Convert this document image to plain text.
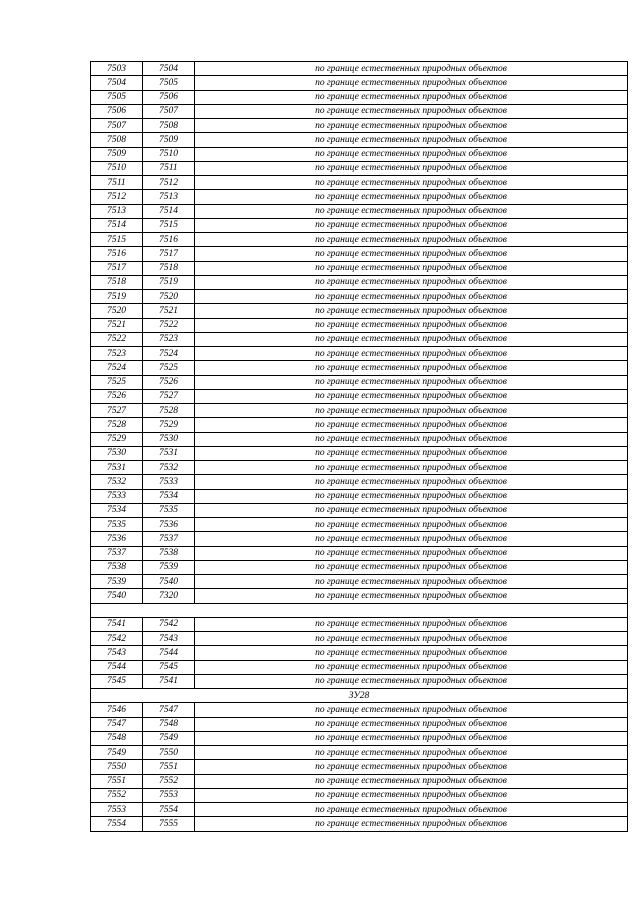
7503	7504	по границе естественных природных объектов
7504	7505	по границе естественных природных объектов
7505	7506	по границе естественных природных объектов
7506	7507	по границе естественных природных объектов
7507	7508	по границе естественных природных объектов
7508	7509	по границе естественных природных объектов
7509	7510	по границе естественных природных объектов
7510	7511	по границе естественных природных объектов
7511	7512	по границе естественных природных объектов
7512	7513	по границе естественных природных объектов
7513	7514	по границе естественных природных объектов
7514	7515	по границе естественных природных объектов
7515	7516	по границе естественных природных объектов
7516	7517	по границе естественных природных объектов
7517	7518	по границе естественных природных объектов
7518	7519	по границе естественных природных объектов
7519	7520	по границе естественных природных объектов
7520	7521	по границе естественных природных объектов
7521	7522	по границе естественных природных объектов
7522	7523	по границе естественных природных объектов
7523	7524	по границе естественных природных объектов
7524	7525	по границе естественных природных объектов
7525	7526	по границе естественных природных объектов
7526	7527	по границе естественных природных объектов
7527	7528	по границе естественных природных объектов
7528	7529	по границе естественных природных объектов
7529	7530	по границе естественных природных объектов
7530	7531	по границе естественных природных объектов
7531	7532	по границе естественных природных объектов
7532	7533	по границе естественных природных объектов
7533	7534	по границе естественных природных объектов
7534	7535	по границе естественных природных объектов
7535	7536	по границе естественных природных объектов
7536	7537	по границе естественных природных объектов
7537	7538	по границе естественных природных объектов
7538	7539	по границе естественных природных объектов
7539	7540	по границе естественных природных объектов
7540	7320	по границе естественных природных объектов

7541	7542	по границе естественных природных объектов
7542	7543	по границе естественных природных объектов
7543	7544	по границе естественных природных объектов
7544	7545	по границе естественных природных объектов
7545	7541	по границе естественных природных объектов
ЗУ28		
7546	7547	по границе естественных природных объектов
7547	7548	по границе естественных природных объектов
7548	7549	по границе естественных природных объектов
7549	7550	по границе естественных природных объектов
7550	7551	по границе естественных природных объектов
7551	7552	по границе естественных природных объектов
7552	7553	по границе естественных природных объектов
7553	7554	по границе естественных природных объектов
7554	7555	по границе естественных природных объектов
